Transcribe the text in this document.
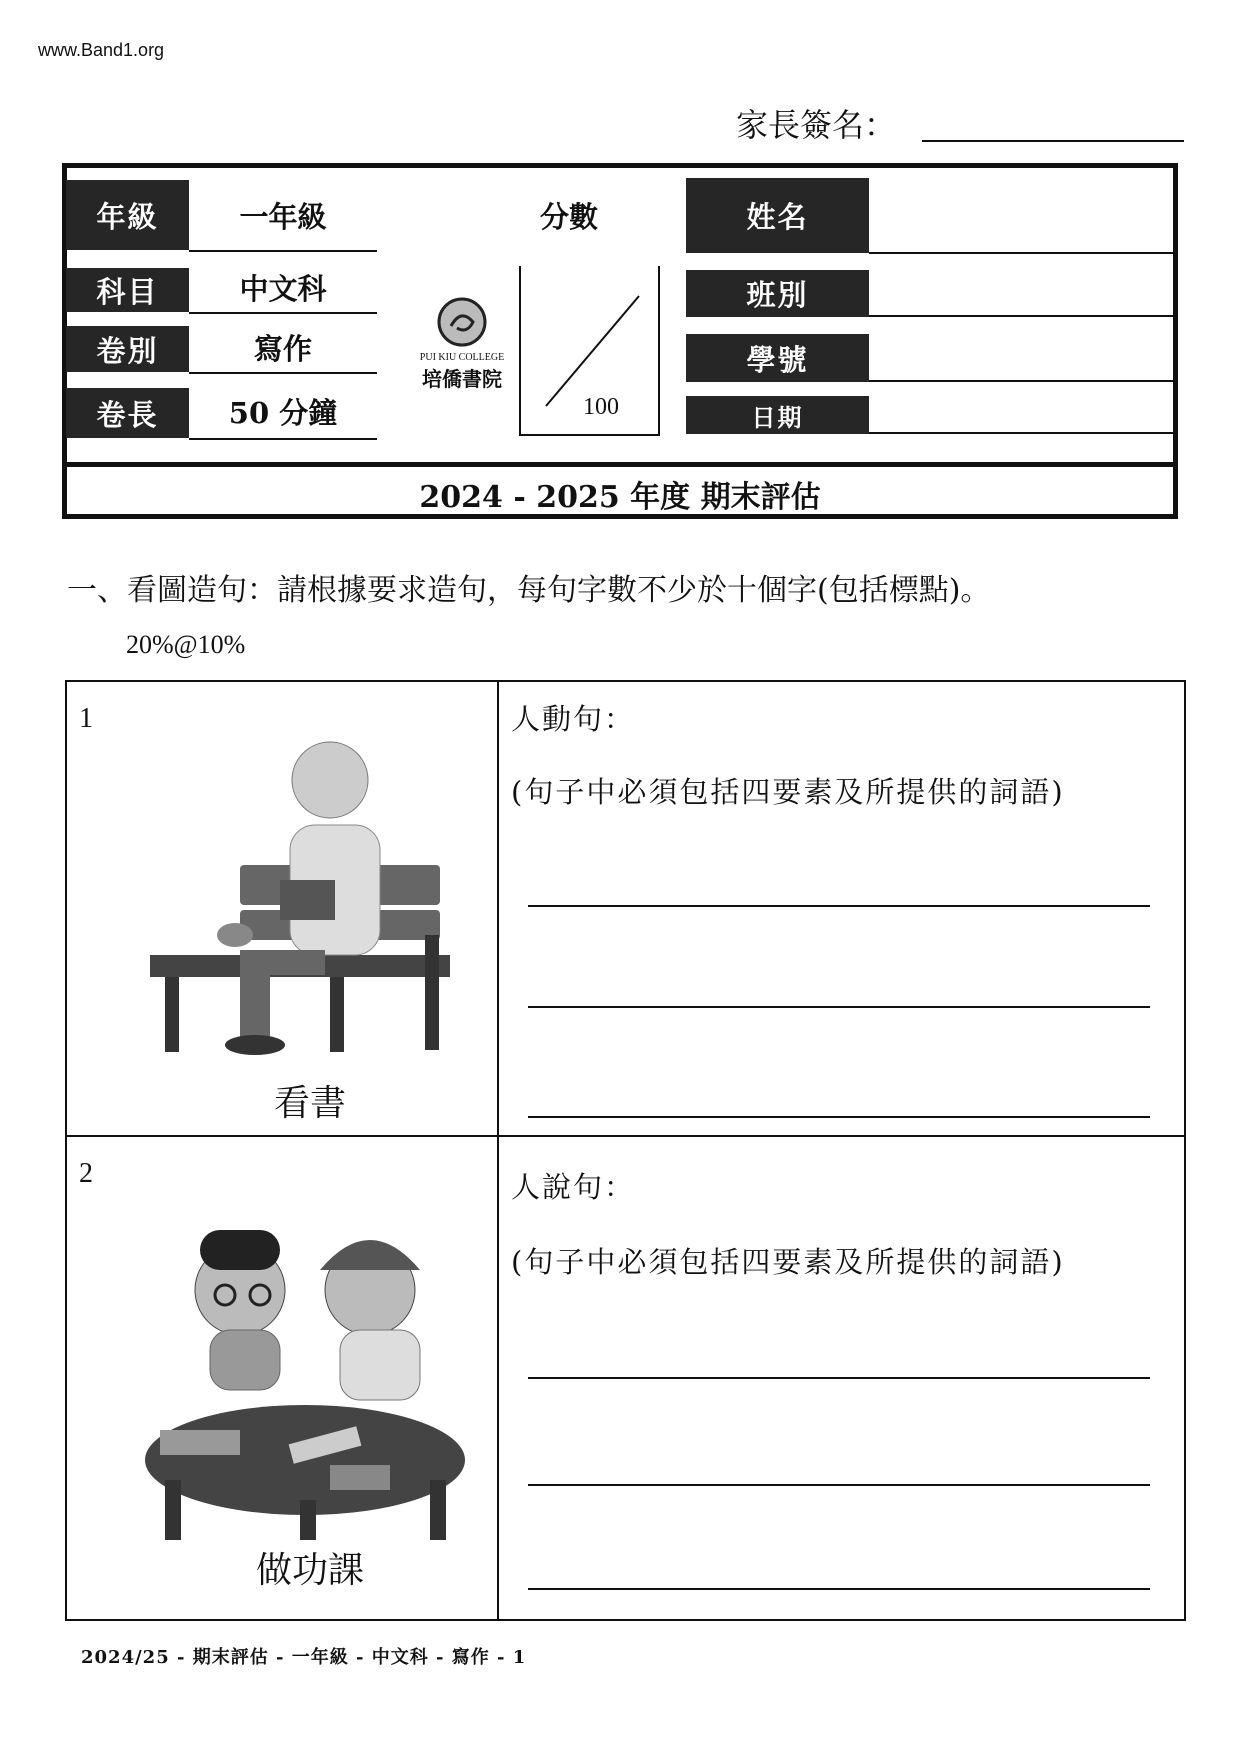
www.Band1.org
家長簽名：
年級	一年級
科目	中文科
卷別	寫作
卷長	50 分鐘
PUI KIU COLLEGE
培僑書院
分數
100
姓名
班別
學號
日期
2024 - 2025 年度 期末評估
一、看圖造句：請根據要求造句，每句字數不少於十個字(包括標點)。
20%@10%
1
看書
人動句：
(句子中必須包括四要素及所提供的詞語)
2
做功課
人說句：
(句子中必須包括四要素及所提供的詞語)
2024/25 - 期末評估 - 一年級 - 中文科 - 寫作 - 1
